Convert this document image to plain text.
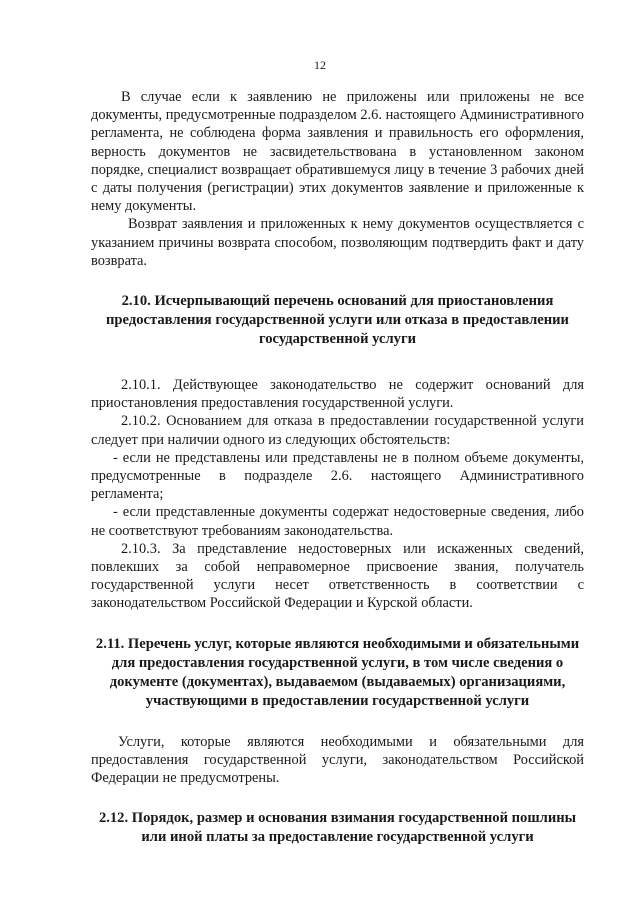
12

В случае если к заявлению не приложены или приложены не все документы, предусмотренные подразделом 2.6. настоящего Административного регламента, не соблюдена форма заявления и правильность его оформления, верность документов не засвидетельствована в установленном законом порядке, специалист возвращает обратившемуся лицу в течение 3 рабочих дней с даты получения (регистрации) этих документов заявление и приложенные к нему документы.

Возврат заявления и приложенных к нему документов осуществляется с указанием причины возврата способом, позволяющим подтвердить факт и дату возврата.

2.10. Исчерпывающий перечень оснований для приостановления предоставления государственной услуги или отказа в предоставлении государственной услуги

2.10.1. Действующее законодательство не содержит оснований для приостановления предоставления государственной услуги.

2.10.2. Основанием для отказа в предоставлении государственной услуги следует при наличии одного из следующих обстоятельств:

- если не представлены или представлены не в полном объеме документы, предусмотренные в подразделе 2.6. настоящего Административного регламента;

- если представленные документы содержат недостоверные сведения, либо не соответствуют требованиям законодательства.

2.10.3. За представление недостоверных или искаженных сведений, повлекших за собой неправомерное присвоение звания, получатель государственной услуги несет ответственность в соответствии с законодательством Российской Федерации и Курской области.

2.11. Перечень услуг, которые являются необходимыми и обязательными для предоставления государственной услуги, в том числе сведения о документе (документах), выдаваемом (выдаваемых) организациями, участвующими в предоставлении государственной услуги

Услуги, которые являются необходимыми и обязательными для предоставления государственной услуги, законодательством Российской Федерации не предусмотрены.

2.12. Порядок, размер и основания взимания государственной пошлины или иной платы за предоставление государственной услуги
